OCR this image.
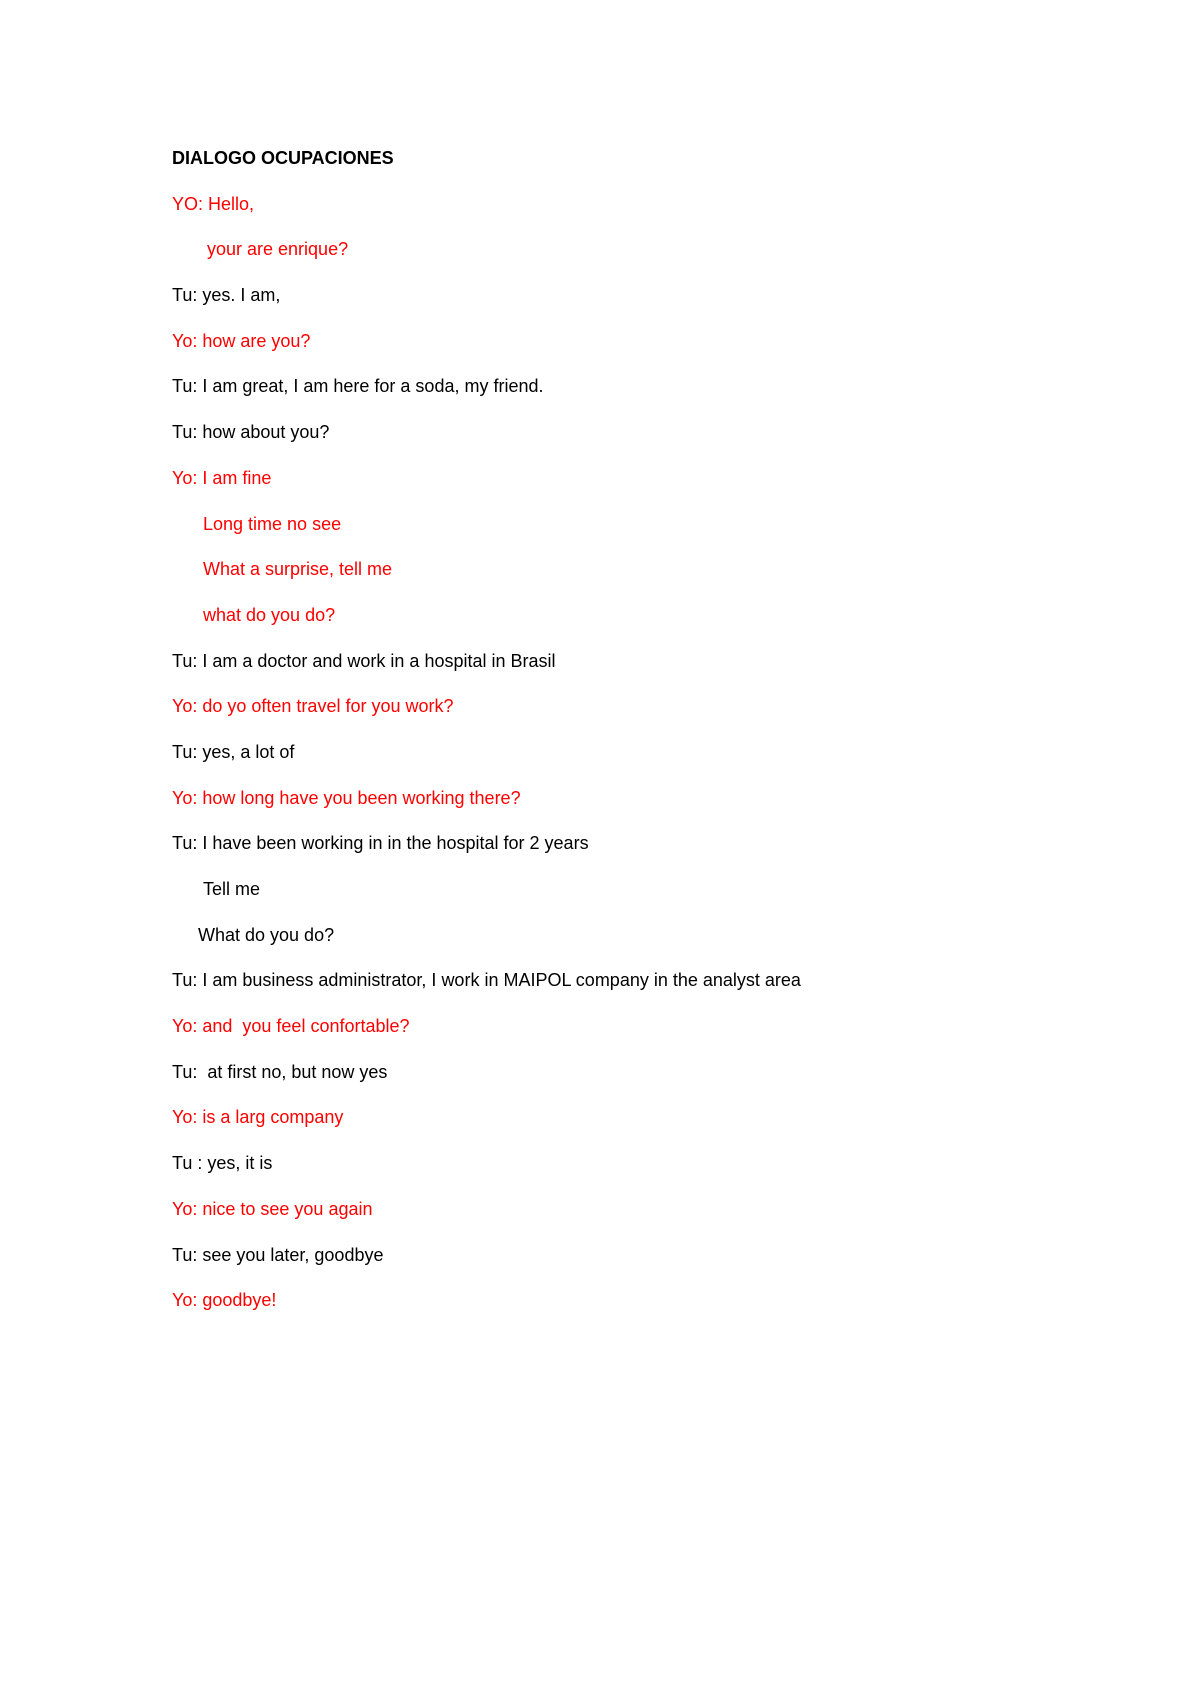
DIALOGO OCUPACIONES
YO: Hello,
your are enrique?
Tu: yes. I am,
Yo: how are you?
Tu: I am great, I am here for a soda, my friend.
Tu: how about you?
Yo: I am fine
Long time no see
What a surprise, tell me
what do you do?
Tu: I am a doctor and work in a hospital in Brasil
Yo: do yo often travel for you work?
Tu: yes, a lot of
Yo: how long have you been working there?
Tu: I have been working in in the hospital for 2 years
Tell me
What do you do?
Tu: I am business administrator, I work in MAIPOL company in the analyst area
Yo: and  you feel confortable?
Tu:  at first no, but now yes
Yo: is a larg company
Tu : yes, it is
Yo: nice to see you again
Tu: see you later, goodbye
Yo: goodbye!
